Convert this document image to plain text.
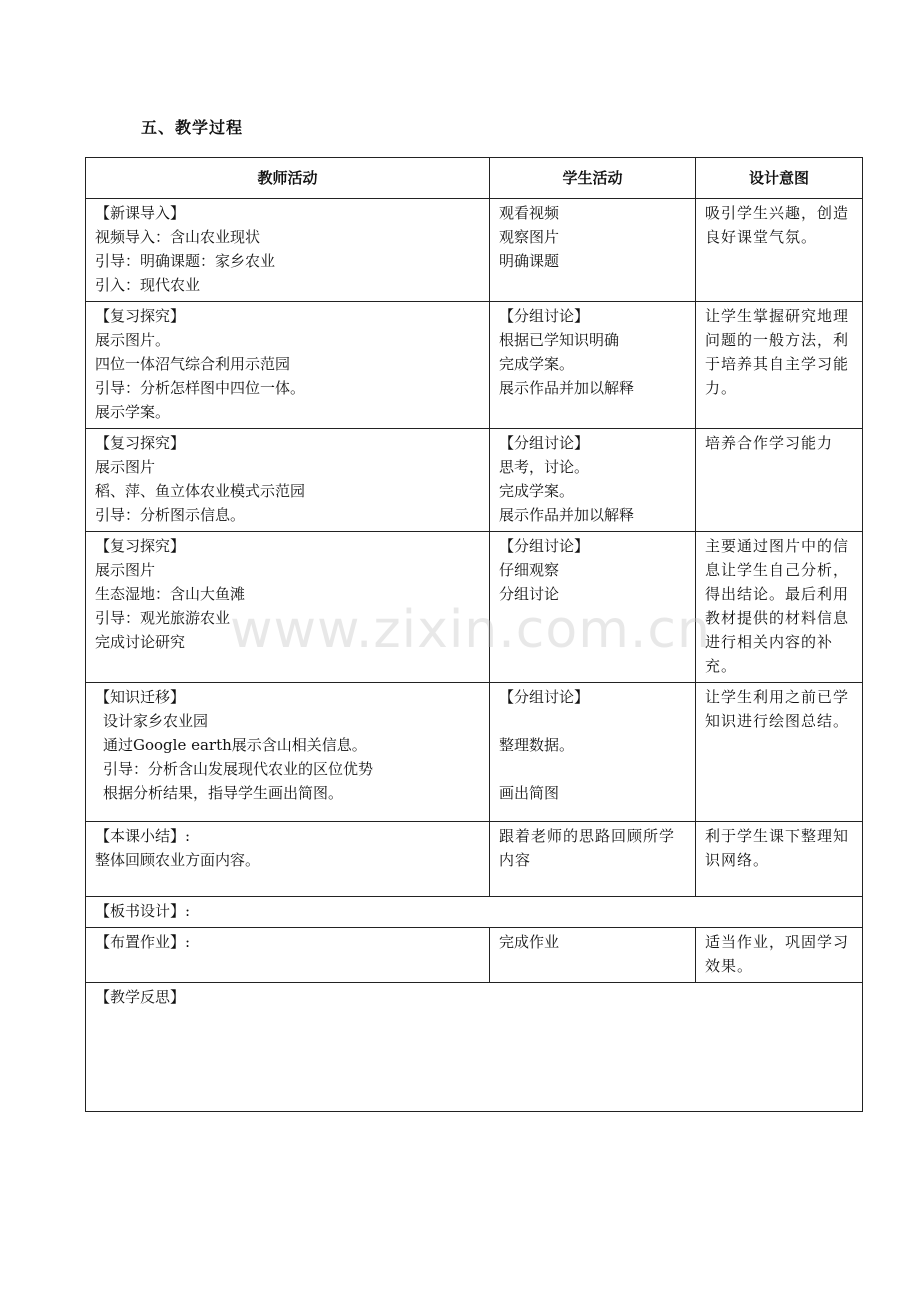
五、教学过程
教师活动	学生活动	设计意图

【新课导入】
视频导入：含山农业现状
引导：明确课题：家乡农业
引入：现代农业	观看视频
观察图片
明确课题	吸引学生兴趣，创造良好课堂气氛。

【复习探究】
展示图片。
四位一体沼气综合利用示范园
引导：分析怎样图中四位一体。
展示学案。	【分组讨论】
根据已学知识明确
完成学案。
展示作品并加以解释	让学生掌握研究地理问题的一般方法，利于培养其自主学习能力。

【复习探究】
展示图片
稻、萍、鱼立体农业模式示范园
引导：分析图示信息。	【分组讨论】
思考，讨论。
完成学案。
展示作品并加以解释	培养合作学习能力

【复习探究】
展示图片
生态湿地：含山大鱼滩
引导：观光旅游农业
完成讨论研究	【分组讨论】
仔细观察
分组讨论	主要通过图片中的信息让学生自己分析，得出结论。最后利用教材提供的材料信息进行相关内容的补充。

【知识迁移】
设计家乡农业园
通过Google earth展示含山相关信息。
引导：分析含山发展现代农业的区位优势
根据分析结果，指导学生画出简图。	【分组讨论】
整理数据。
画出简图	让学生利用之前已学知识进行绘图总结。

【本课小结】:
整体回顾农业方面内容。	跟着老师的思路回顾所学内容	利于学生课下整理知识网络。

【板书设计】:		

【布置作业】:	完成作业	适当作业，巩固学习效果。

【教学反思】		
www.zixin.com.cn
